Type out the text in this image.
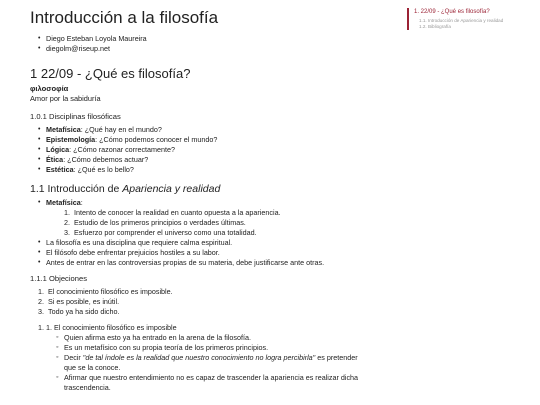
Introducción a la filosofía
• Diego Esteban Loyola Maureira
• diegolm@riseup.net
1 22/09 - ¿Qué es filosofía?

φιλοσοφία

Amor por la sabiduría

1.0.1 Disciplinas filosóficas
• Metafísica: ¿Qué hay en el mundo?
• Epistemología: ¿Cómo podemos conocer el mundo?
• Lógica: ¿Cómo razonar correctamente?
• Ética: ¿Cómo debemos actuar?
• Estética: ¿Qué es lo bello?
1.1 Introducción de Apariencia y realidad
• Metafísica:
1. Intento de conocer la realidad en cuanto opuesta a la apariencia.
2. Estudio de los primeros principios o verdades últimas.
3. Esfuerzo por comprender el universo como una totalidad.
• La filosofía es una disciplina que requiere calma espiritual.
• El filósofo debe enfrentar prejuicios hostiles a su labor.
• Antes de entrar en las controversias propias de su materia, debe justificarse ante otras.
1.1.1 Objeciones
1. El conocimiento filosófico es imposible.
2. Si es posible, es inútil.
3. Todo ya ha sido dicho.
1. 1. El conocimiento filosófico es imposible
◦ Quien afirma esto ya ha entrado en la arena de la filosofía.
◦ Es un metafísico con su propia teoría de los primeros principios.
◦ Decir "de tal índole es la realidad que nuestro conocimiento no logra percibirla" es pretender que se la conoce.
◦ Afirmar que nuestro entendimiento no es capaz de trascender la apariencia es realizar dicha trascendencia.
1. 22/09 - ¿Qué es filosofía?
1.1. Introducción de Apariencia y realidad
1.2. Bibliografía
